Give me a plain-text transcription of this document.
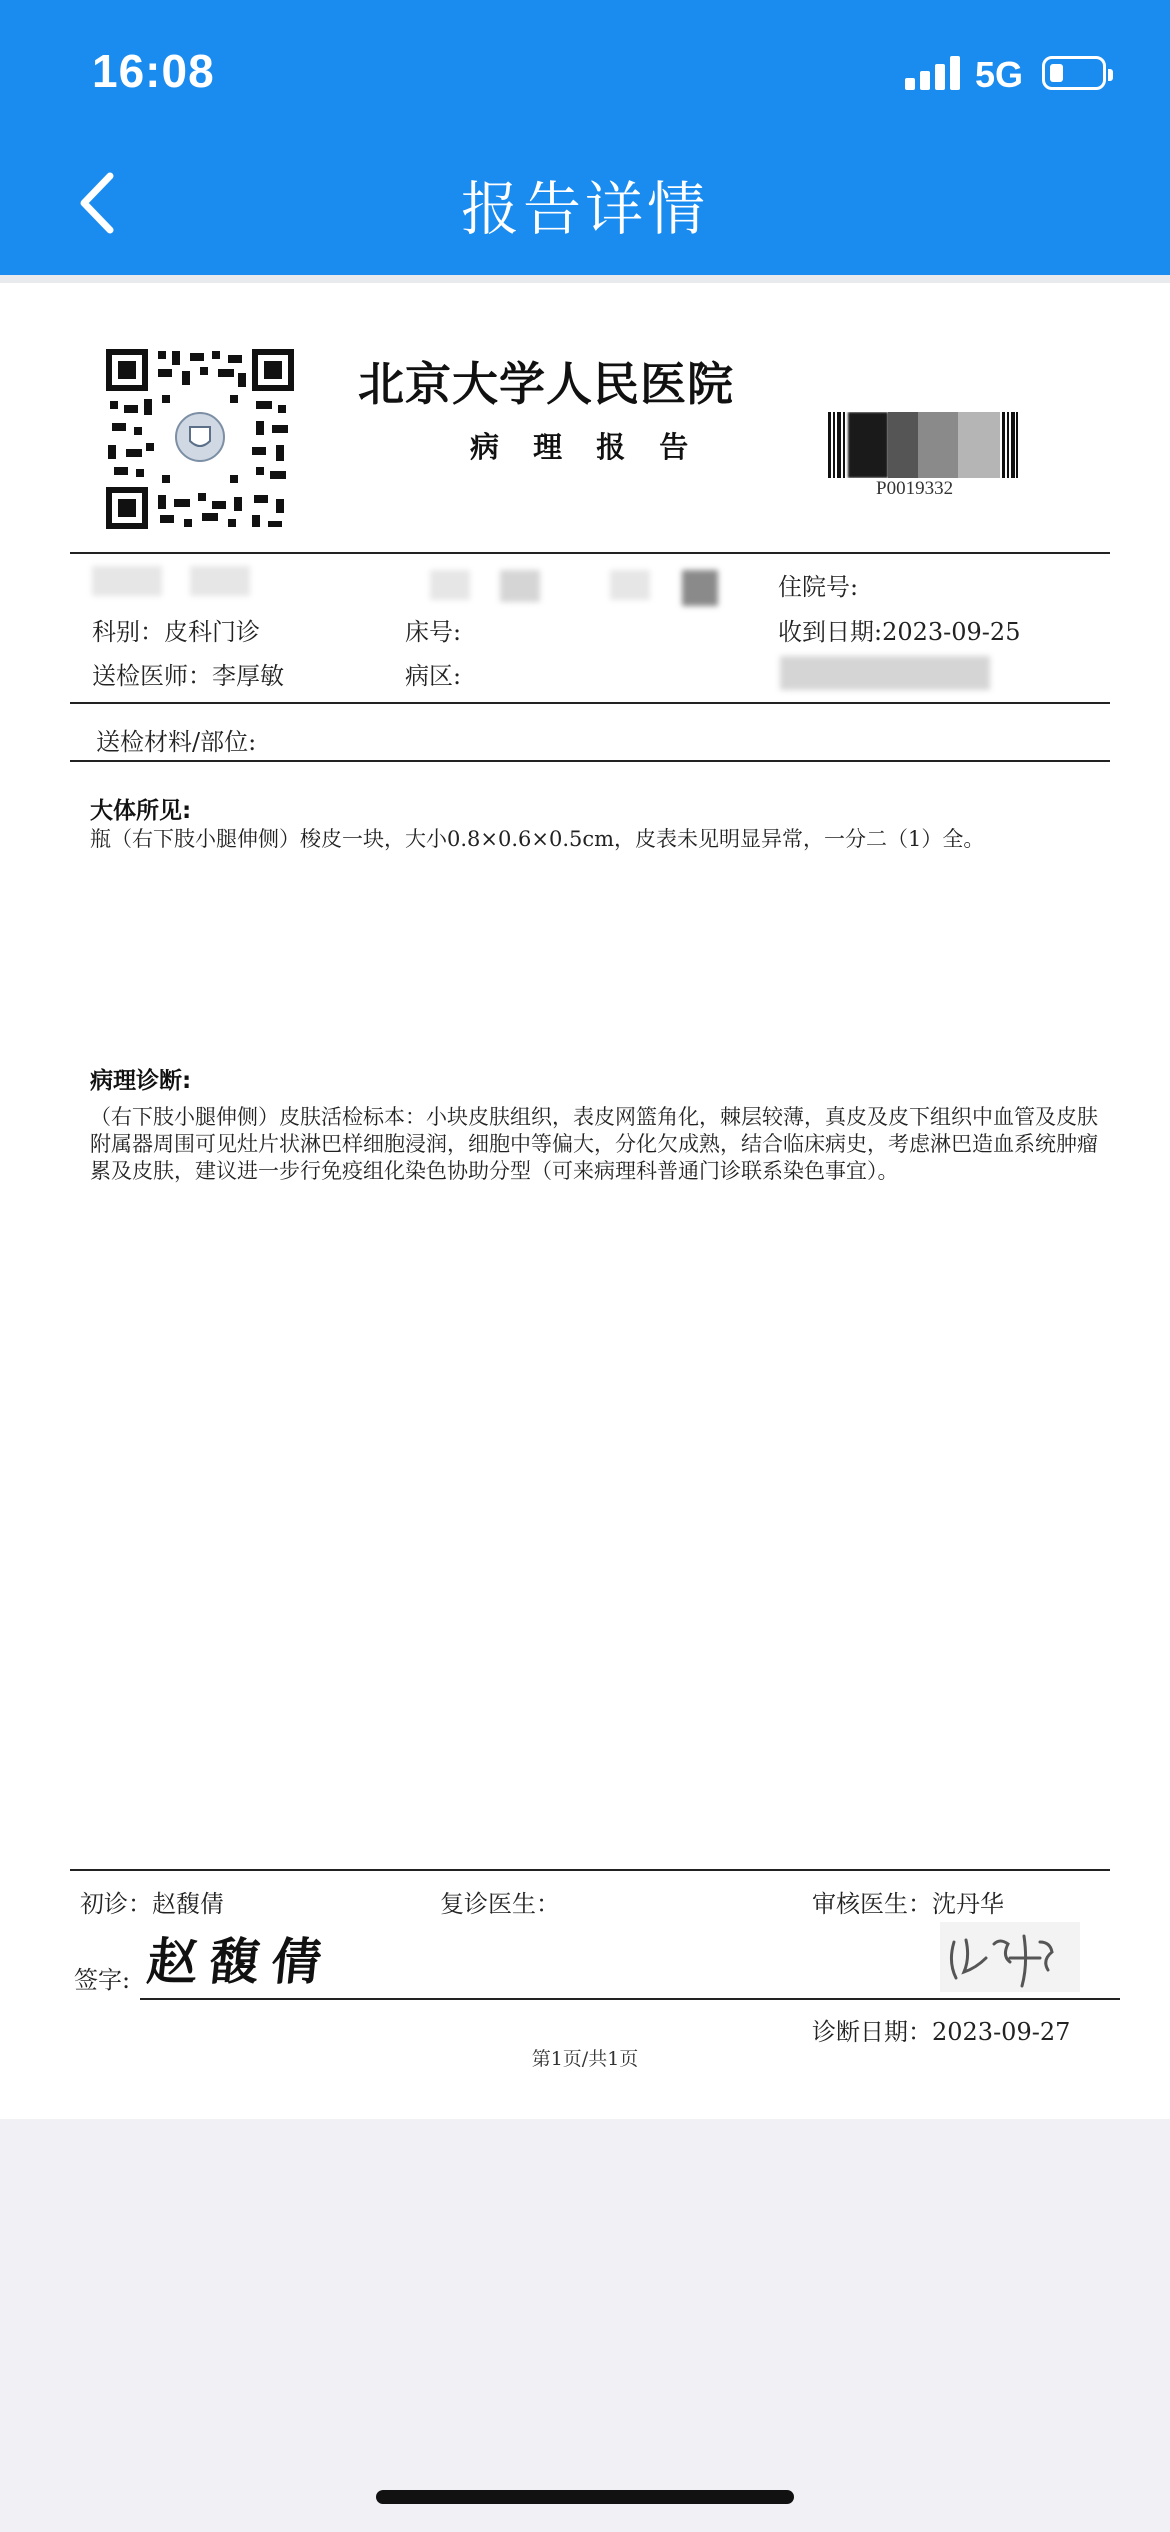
16:08	5G
报告详情
北京大学人民医院
病 理 报 告
P0019332
住院号:
科别：皮科门诊	床号:	收到日期:2023-09-25
送检医师：李厚敏	病区:
送检材料/部位:
大体所见:
瓶（右下肢小腿伸侧）梭皮一块，大小0.8×0.6×0.5cm，皮表未见明显异常，一分二（1）全。
病理诊断:
（右下肢小腿伸侧）皮肤活检标本：小块皮肤组织，表皮网篮角化，棘层较薄，真皮及皮下组织中血管及皮肤附属器周围可见灶片状淋巴样细胞浸润，细胞中等偏大，分化欠成熟，结合临床病史，考虑淋巴造血系统肿瘤累及皮肤，建议进一步行免疫组化染色协助分型（可来病理科普通门诊联系染色事宜）。
初诊：赵馥倩	复诊医生：	审核医生：沈丹华
签字: 赵馥倩
诊断日期：2023-09-27
第1页/共1页
